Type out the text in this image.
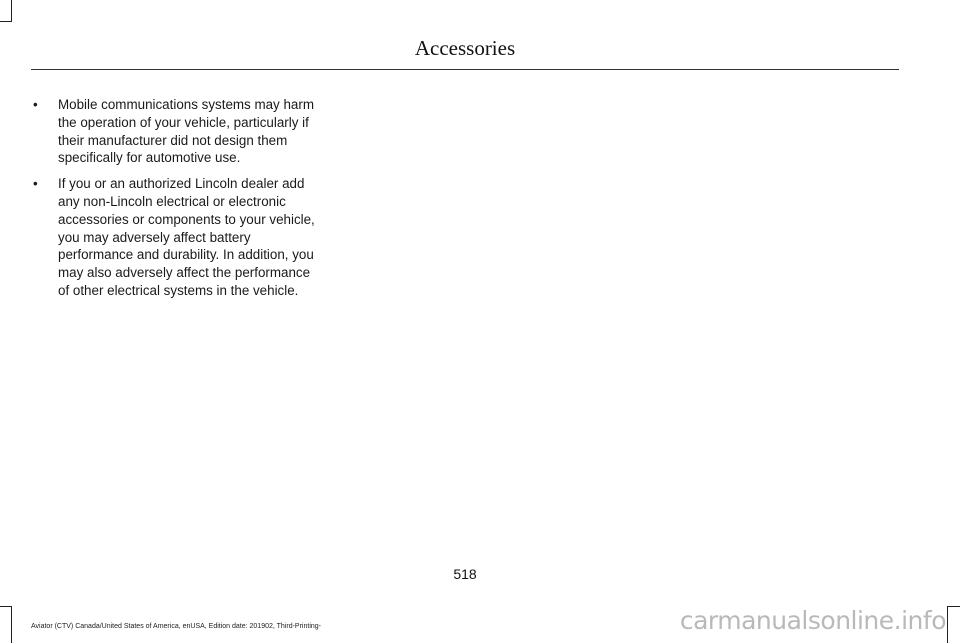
Accessories
• Mobile communications systems may harm the operation of your vehicle, particularly if their manufacturer did not design them specifically for automotive use.
• If you or an authorized Lincoln dealer add any non-Lincoln electrical or electronic accessories or components to your vehicle, you may adversely affect battery performance and durability. In addition, you may also adversely affect the performance of other electrical systems in the vehicle.
518
Aviator (CTV) Canada/United States of America, enUSA, Edition date: 201902, Third-Printing-	carmanualsonline.info
